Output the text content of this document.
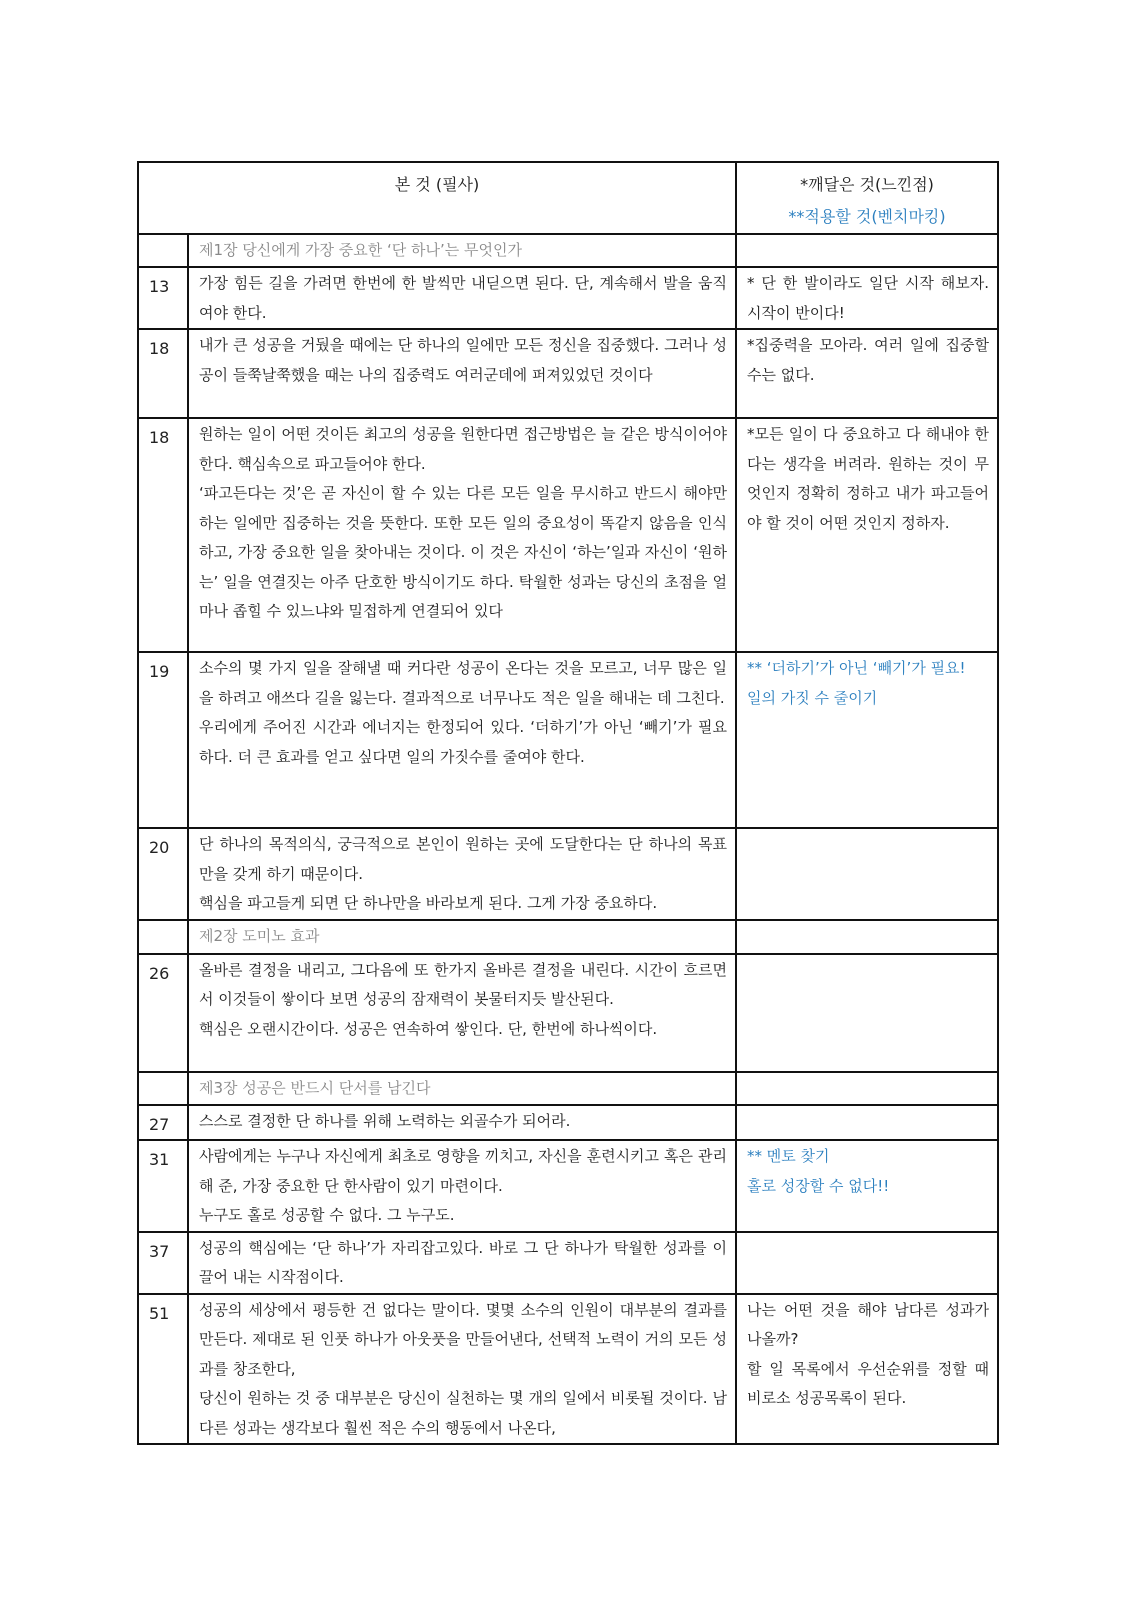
본 것 (필사)		*깨달은 것(느낀점)
**적용할 것(벤치마킹)

	제1장 당신에게 가장 중요한 ‘단 하나’는 무엇인가	
13	가장 힘든 길을 가려면 한번에 한 발씩만 내딛으면 된다. 단, 계속해서 발을 움직여야 한다.	* 단 한 발이라도 일단 시작 해보자. 시작이 반이다!

18	내가 큰 성공을 거뒀을 때에는 단 하나의 일에만 모든 정신을 집중했다. 그러나 성공이 들쭉날쭉했을 때는 나의 집중력도 여러군데에 퍼져있었던 것이다	*집중력을 모아라. 여러 일에 집중할 수는 없다.

18	원하는 일이 어떤 것이든 최고의 성공을 원한다면 접근방법은 늘 같은 방식이어야 한다. 핵심속으로 파고들어야 한다.
‘파고든다는 것’은 곧 자신이 할 수 있는 다른 모든 일을 무시하고 반드시 해야만 하는 일에만 집중하는 것을 뜻한다. 또한 모든 일의 중요성이 똑같지 않음을 인식하고, 가장 중요한 일을 찾아내는 것이다. 이 것은 자신이 ‘하는’일과 자신이 ‘원하는’ 일을 연결짓는 아주 단호한 방식이기도 하다. 탁월한 성과는 당신의 초점을 얼마나 좁힐 수 있느냐와 밀접하게 연결되어 있다	*모든 일이 다 중요하고 다 해내야 한다는 생각을 버려라. 원하는 것이 무엇인지 정확히 정하고 내가 파고들어야 할 것이 어떤 것인지 정하자.

19	소수의 몇 가지 일을 잘해낼 때 커다란 성공이 온다는 것을 모르고, 너무 많은 일을 하려고 애쓰다 길을 잃는다. 결과적으로 너무나도 적은 일을 해내는 데 그친다.
우리에게 주어진 시간과 에너지는 한정되어 있다. ‘더하기’가 아닌 ‘빼기’가 필요하다. 더 큰 효과를 얻고 싶다면 일의 가짓수를 줄여야 한다.	** ‘더하기’가 아닌 ‘빼기’가 필요!
일의 가짓 수 줄이기

20	단 하나의 목적의식, 궁극적으로 본인이 원하는 곳에 도달한다는 단 하나의 목표만을 갖게 하기 때문이다.
핵심을 파고들게 되면 단 하나만을 바라보게 된다. 그게 가장 중요하다.	

	제2장 도미노 효과	
26	올바른 결정을 내리고, 그다음에 또 한가지 올바른 결정을 내린다. 시간이 흐르면서 이것들이 쌓이다 보면 성공의 잠재력이 봇물터지듯 발산된다.
핵심은 오랜시간이다. 성공은 연속하여 쌓인다. 단, 한번에 하나씩이다.	

	제3장 성공은 반드시 단서를 남긴다	
27	스스로 결정한 단 하나를 위해 노력하는 외골수가 되어라.	

31	사람에게는 누구나 자신에게 최초로 영향을 끼치고, 자신을 훈련시키고 혹은 관리해 준, 가장 중요한 단 한사람이 있기 마련이다.
누구도 홀로 성공할 수 없다. 그 누구도.	** 멘토 찾기
홀로 성장할 수 없다!!

37	성공의 핵심에는 ‘단 하나’가 자리잡고있다. 바로 그 단 하나가 탁월한 성과를 이끌어 내는 시작점이다.	

51	성공의 세상에서 평등한 건 없다는 말이다. 몇몇 소수의 인원이 대부분의 결과를 만든다. 제대로 된 인풋 하나가 아웃풋을 만들어낸다, 선택적 노력이 거의 모든 성과를 창조한다,
당신이 원하는 것 중 대부분은 당신이 실천하는 몇 개의 일에서 비롯될 것이다. 남다른 성과는 생각보다 훨씬 적은 수의 행동에서 나온다,	나는 어떤 것을 해야 남다른 성과가 나올까?
할 일 목록에서 우선순위를 정할 때 비로소 성공목록이 된다.
